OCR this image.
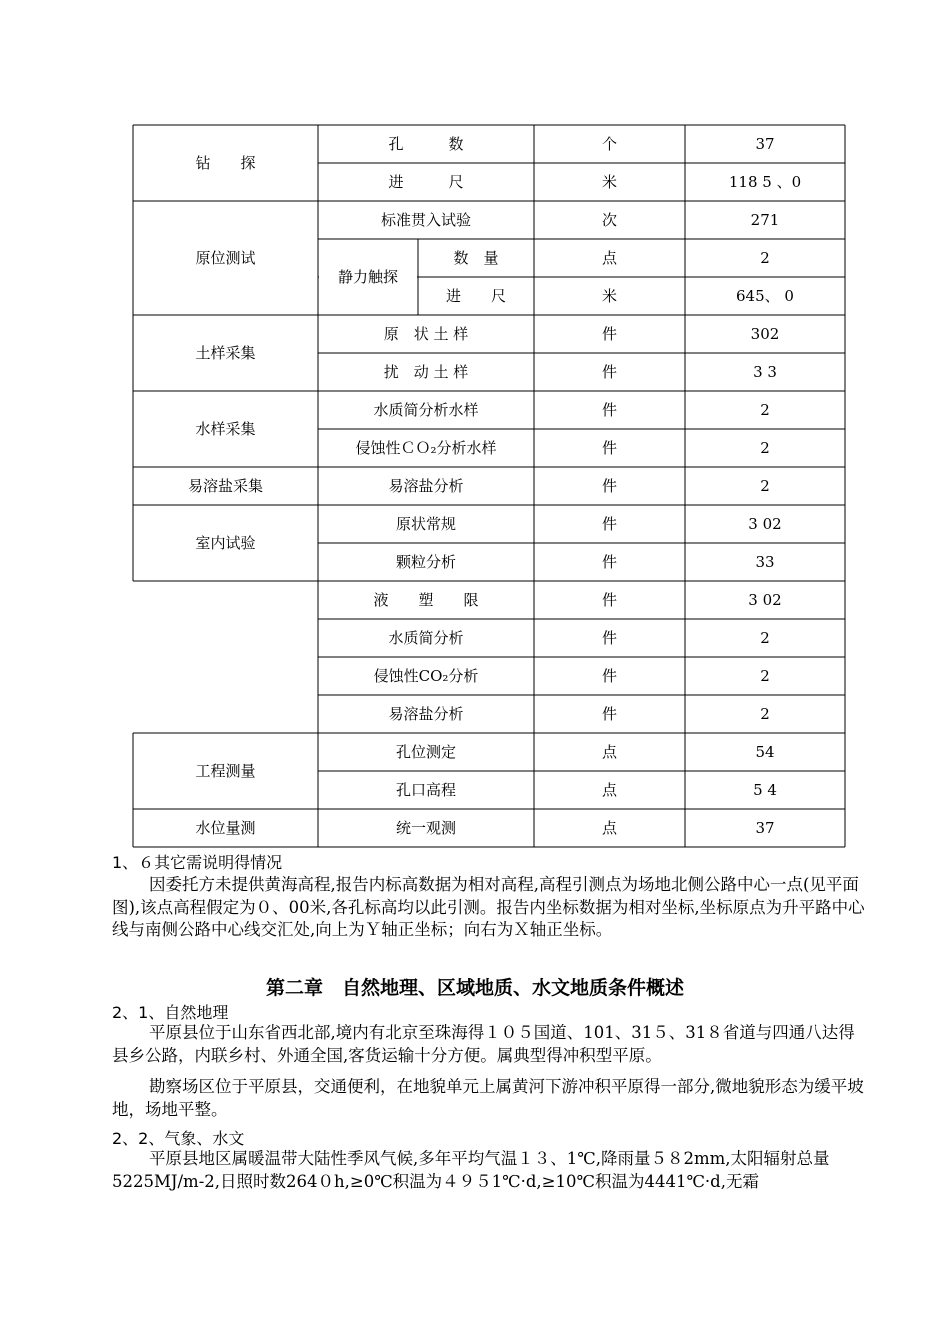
钻　　探
孔　　　数	个	37
进　　　尺	米	118 5 、0
原位测试
标准贯入试验	次	271
静力触探
数　量	点	2
进　　尺	米	645、 0
土样采集
原　状 土 样	件	302
扰　动 土 样	件	3 3
水样采集
水质简分析水样	件	2
侵蚀性ＣＯ₂分析水样	件	2
易溶盐采集	易溶盐分析	件	2
室内试验
原状常规	件	3 02
颗粒分析	件	33
液　　塑　　限	件	3 02
水质简分析	件	2
侵蚀性CO₂分析	件	2
易溶盐分析	件	2
工程测量
孔位测定	点	54
孔口高程	点	5 4
水位量测	统一观测	点	37
1、６其它需说明得情况
因委托方未提供黄海高程,报告内标高数据为相对高程,高程引测点为场地北侧公路中心一点(见平面图),该点高程假定为０、00米,各孔标高均以此引测。报告内坐标数据为相对坐标,坐标原点为升平路中心线与南侧公路中心线交汇处,向上为Ｙ轴正坐标；向右为Ｘ轴正坐标。
第二章　自然地理、区域地质、水文地质条件概述
2、1、自然地理
平原县位于山东省西北部,境内有北京至珠海得１０５国道、101、31５、31８省道与四通八达得县乡公路，内联乡村、外通全国,客货运输十分方便。属典型得冲积型平原。
勘察场区位于平原县，交通便利，在地貌单元上属黄河下游冲积平原得一部分,微地貌形态为缓平坡地，场地平整。
2、2、气象、水文
平原县地区属暖温带大陆性季风气候,多年平均气温１３、1℃,降雨量５８2mm,太阳辐射总量5225MJ/m-2,日照时数264０h,≥0℃积温为４９５1℃·d,≥10℃积温为4441℃·d,无霜
